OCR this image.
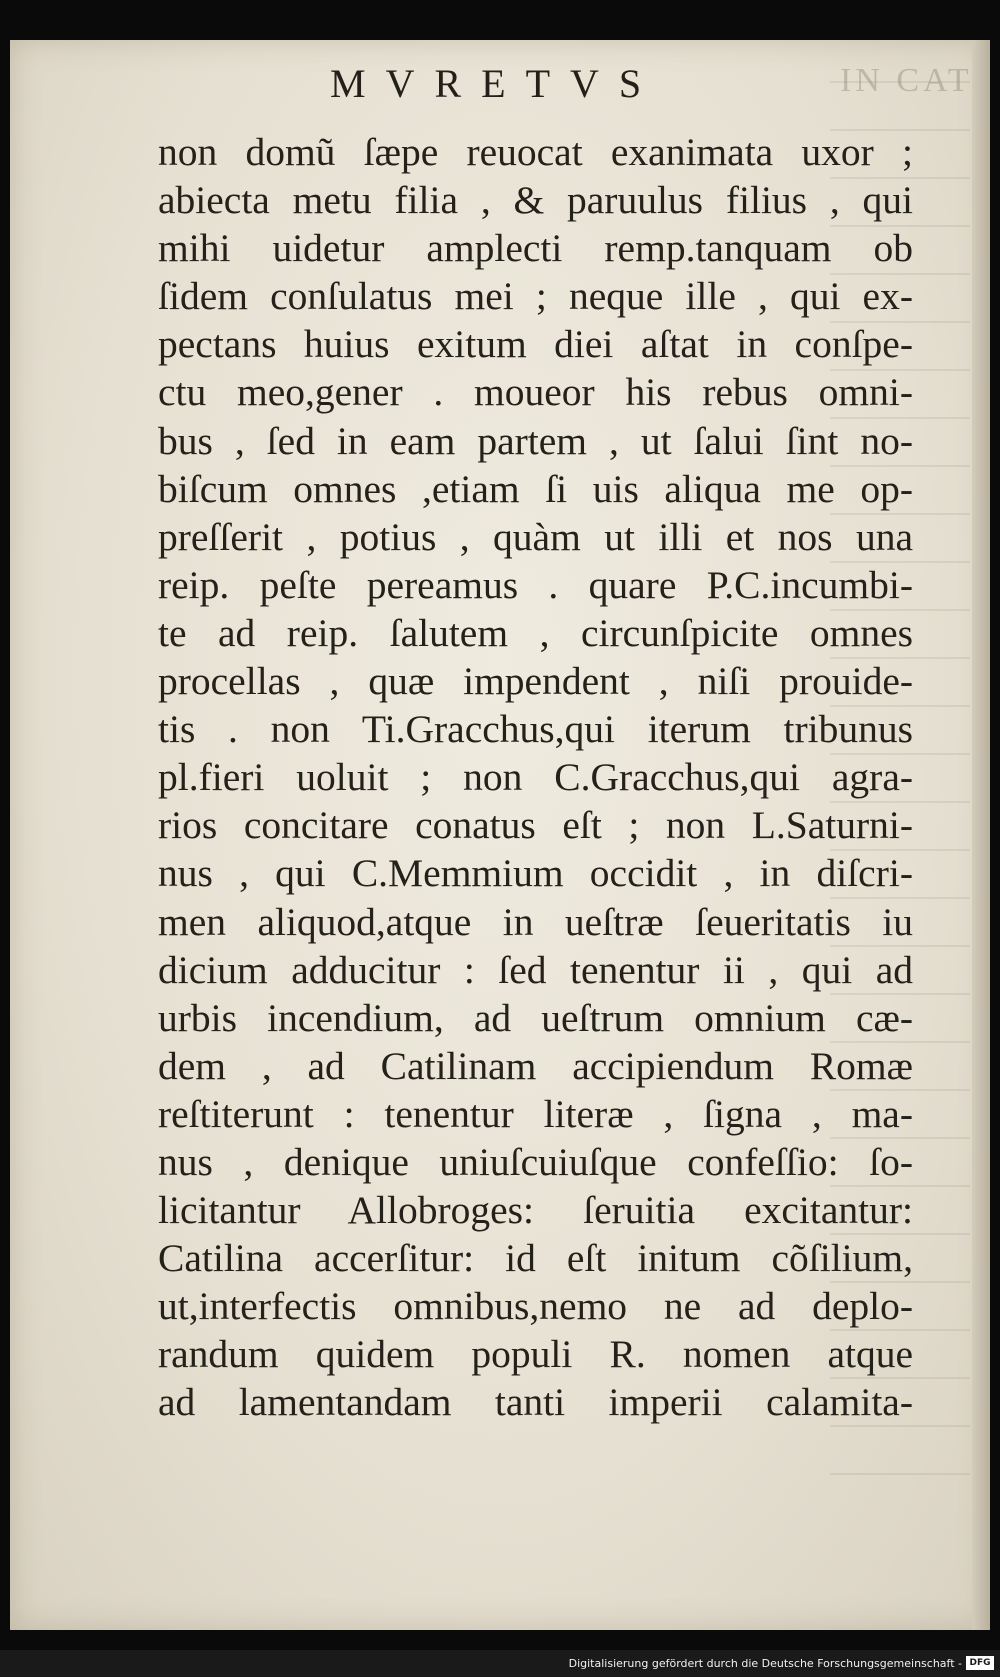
IN CAT
MVRETVS
non domũ ſæpe reuocat exanimata uxor ;
abiecta metu filia , & paruulus filius , qui
mihi uidetur amplecti remp.tanquam ob
ſidem conſulatus mei ; neque ille , qui ex-
pectans huius exitum diei aſtat in conſpe-
ctu meo,gener . moueor his rebus omni-
bus , ſed in eam partem , ut ſalui ſint no-
biſcum omnes ,etiam ſi uis aliqua me op-
preſſerit , potius , quàm ut illi et nos una
reip. peſte pereamus . quare P.C.incumbi-
te ad reip. ſalutem , circunſpicite omnes
procellas , quæ impendent , niſi prouide-
tis . non Ti.Gracchus,qui iterum tribunus
pl.fieri uoluit ; non C.Gracchus,qui agra-
rios concitare conatus eſt ; non L.Saturni-
nus , qui C.Memmium occidit , in diſcri-
men aliquod,atque in ueſtræ ſeueritatis iu
dicium adducitur : ſed tenentur ii , qui ad
urbis incendium, ad ueſtrum omnium cæ-
dem , ad Catilinam accipiendum Romæ
reſtiterunt : tenentur literæ , ſigna , ma-
nus , denique uniuſcuiuſque confeſſio: ſo-
licitantur Allobroges: ſeruitia excitantur:
Catilina accerſitur: id eſt initum cõſilium,
ut,interfectis omnibus,nemo ne ad deplo-
randum quidem populi R. nomen atque
ad lamentandam tanti imperii calamita-
Digitalisierung gefördert durch die Deutsche Forschungsgemeinschaft - DFG
